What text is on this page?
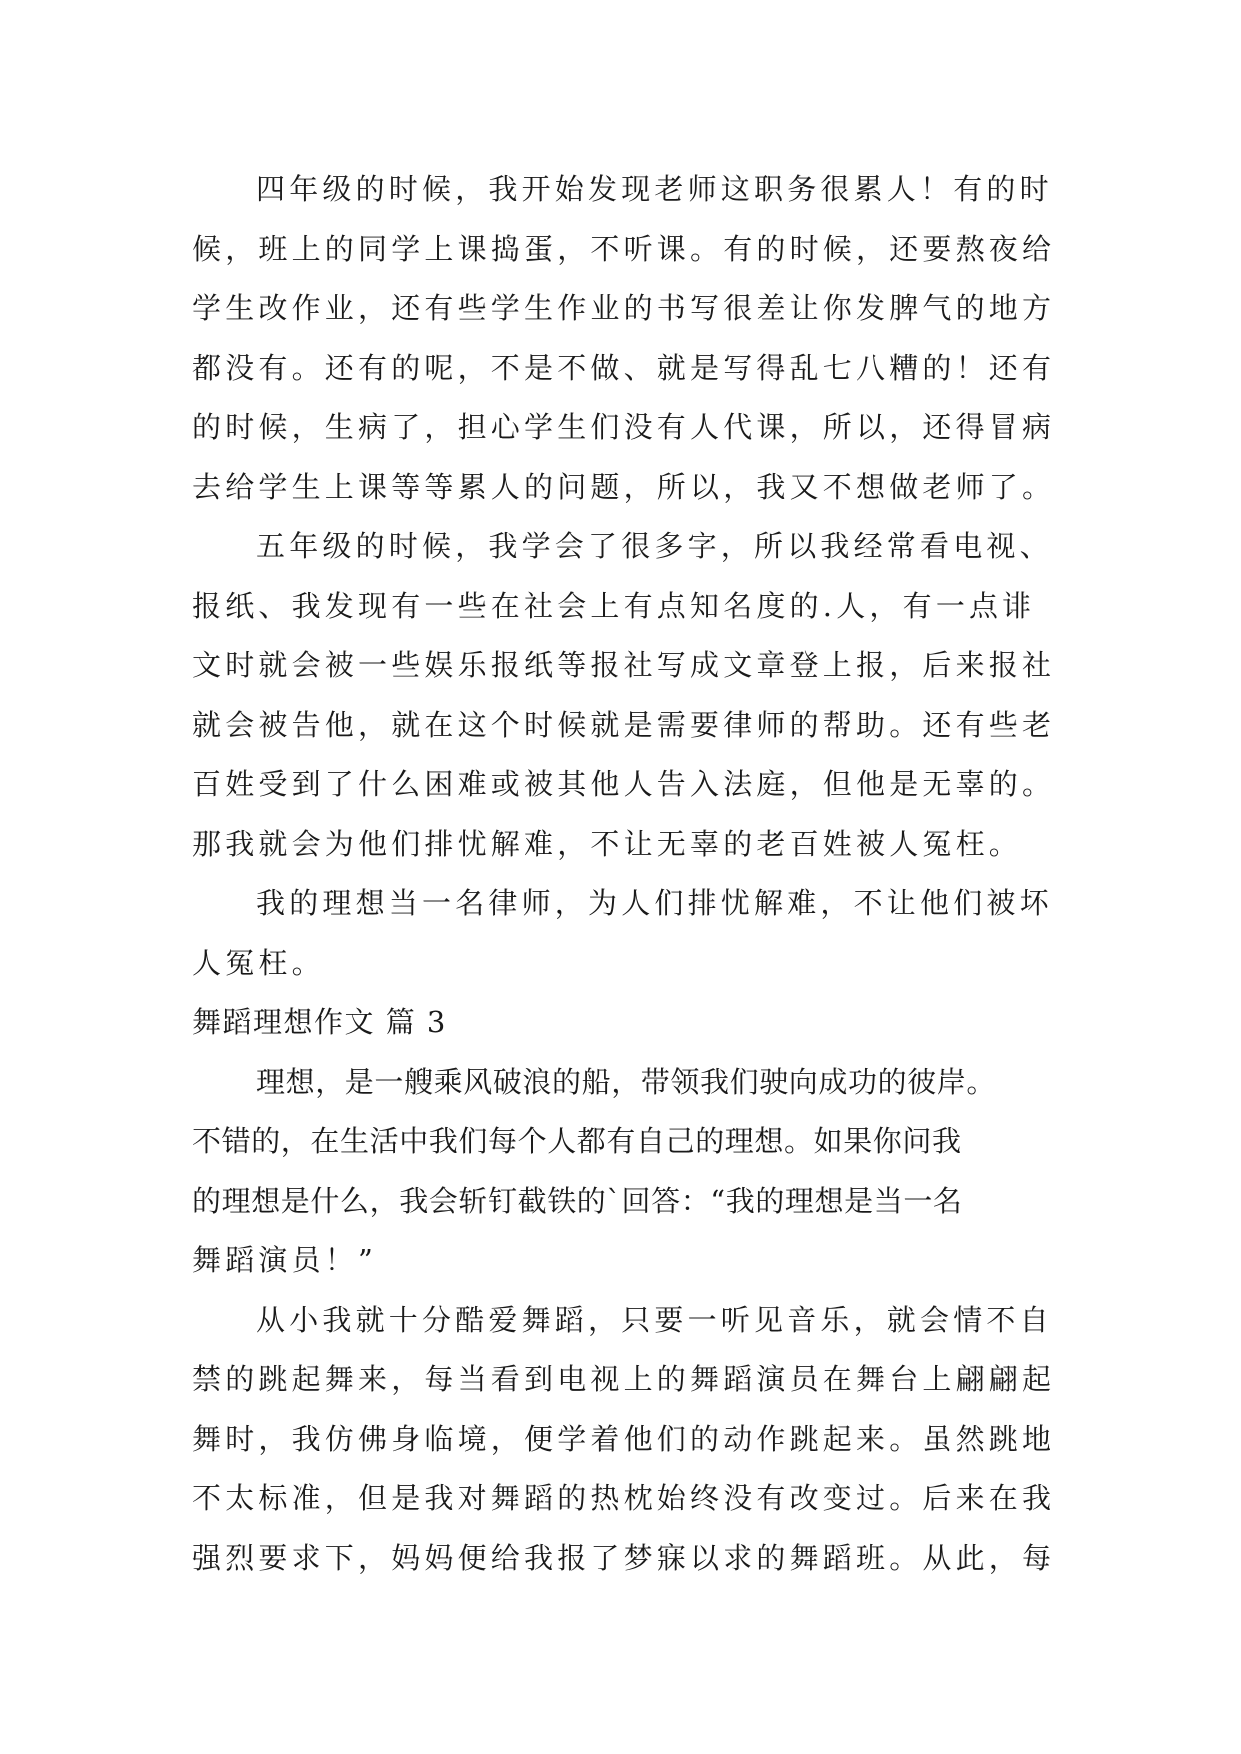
四年级的时候，我开始发现老师这职务很累人！有的时
候，班上的同学上课捣蛋，不听课。有的时候，还要熬夜给
学生改作业，还有些学生作业的书写很差让你发脾气的地方
都没有。还有的呢，不是不做、就是写得乱七八糟的！还有
的时候，生病了，担心学生们没有人代课，所以，还得冒病
去给学生上课等等累人的问题，所以，我又不想做老师了。
五年级的时候，我学会了很多字，所以我经常看电视、
报纸、我发现有一些在社会上有点知名度的.人，有一点诽
文时就会被一些娱乐报纸等报社写成文章登上报，后来报社
就会被告他，就在这个时候就是需要律师的帮助。还有些老
百姓受到了什么困难或被其他人告入法庭，但他是无辜的。
那我就会为他们排忧解难，不让无辜的老百姓被人冤枉。
我的理想当一名律师，为人们排忧解难，不让他们被坏
人冤枉。
舞蹈理想作文 篇 3
理想，是一艘乘风破浪的船，带领我们驶向成功的彼岸。
不错的，在生活中我们每个人都有自己的理想。如果你问我
的理想是什么，我会斩钉截铁的`回答：“我的理想是当一名
舞蹈演员！”
从小我就十分酷爱舞蹈，只要一听见音乐，就会情不自
禁的跳起舞来，每当看到电视上的舞蹈演员在舞台上翩翩起
舞时，我仿佛身临境，便学着他们的动作跳起来。虽然跳地
不太标准，但是我对舞蹈的热枕始终没有改变过。后来在我
强烈要求下，妈妈便给我报了梦寐以求的舞蹈班。从此，每
